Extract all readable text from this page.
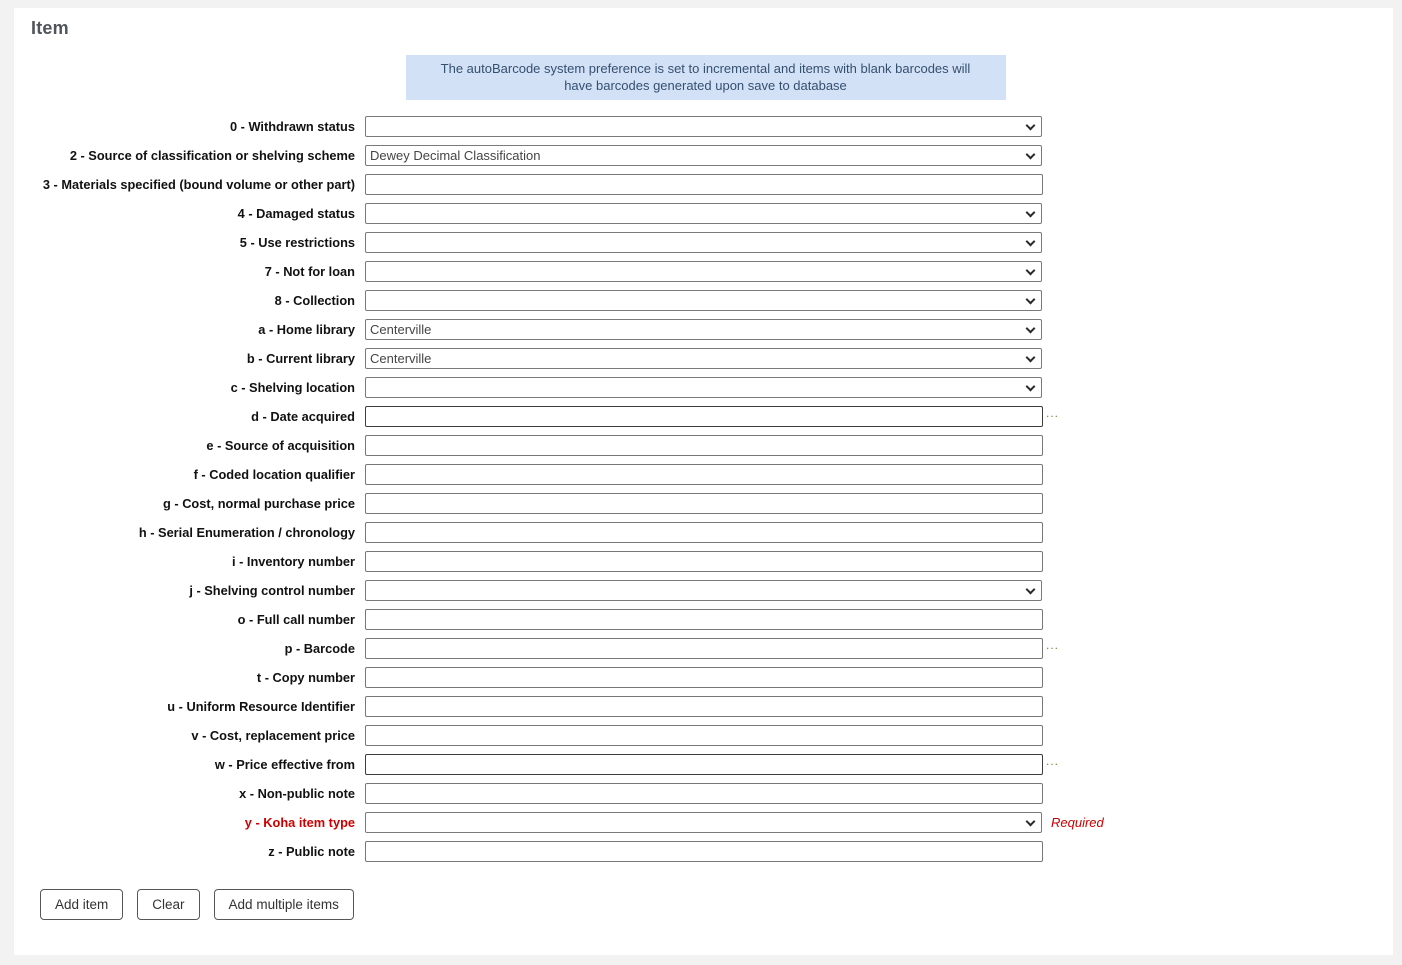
Item
The autoBarcode system preference is set to incremental and items with blank barcodes will have barcodes generated upon save to database
0 - Withdrawn status
2 - Source of classification or shelving scheme
Dewey Decimal Classification
3 - Materials specified (bound volume or other part)
4 - Damaged status
5 - Use restrictions
7 - Not for loan
8 - Collection
a - Home library
Centerville
b - Current library
Centerville
c - Shelving location
d - Date acquired	...
e - Source of acquisition
f - Coded location qualifier
g - Cost, normal purchase price
h - Serial Enumeration / chronology
i - Inventory number
j - Shelving control number
o - Full call number
p - Barcode	...
t - Copy number
u - Uniform Resource Identifier
v - Cost, replacement price
w - Price effective from	...
x - Non-public note
y - Koha item type	Required
z - Public note
Add item	Clear	Add multiple items
